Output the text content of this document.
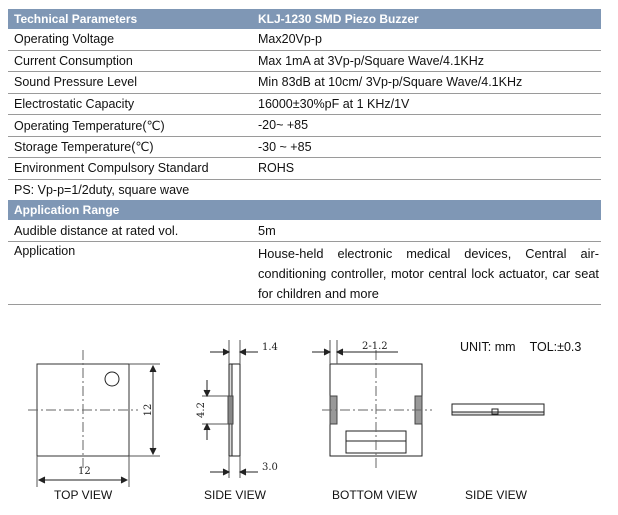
Technical Parameters	KLJ-1230 SMD Piezo Buzzer
Operating Voltage	Max20Vp-p
Current Consumption	Max 1mA at 3Vp-p/Square Wave/4.1KHz
Sound Pressure Level	Min 83dB at 10cm/ 3Vp-p/Square Wave/4.1KHz
Electrostatic Capacity	16000±30%pF at 1 KHz/1V
Operating Temperature(℃)	-20~ +85
Storage Temperature(℃)	-30 ~ +85
Environment Compulsory Standard	ROHS
PS: Vp-p=1/2duty, square wave	
Application Range	
Audible distance at rated vol.	5m
Application	House-held electronic medical devices, Central air-conditioning controller, motor central lock actuator, car seat for children and more
12
12
1.4
4.2
3.0
2-1.2	UNIT: mm TOL:±0.3
TOP VIEW	SIDE VIEW	BOTTOM VIEW	SIDE VIEW
